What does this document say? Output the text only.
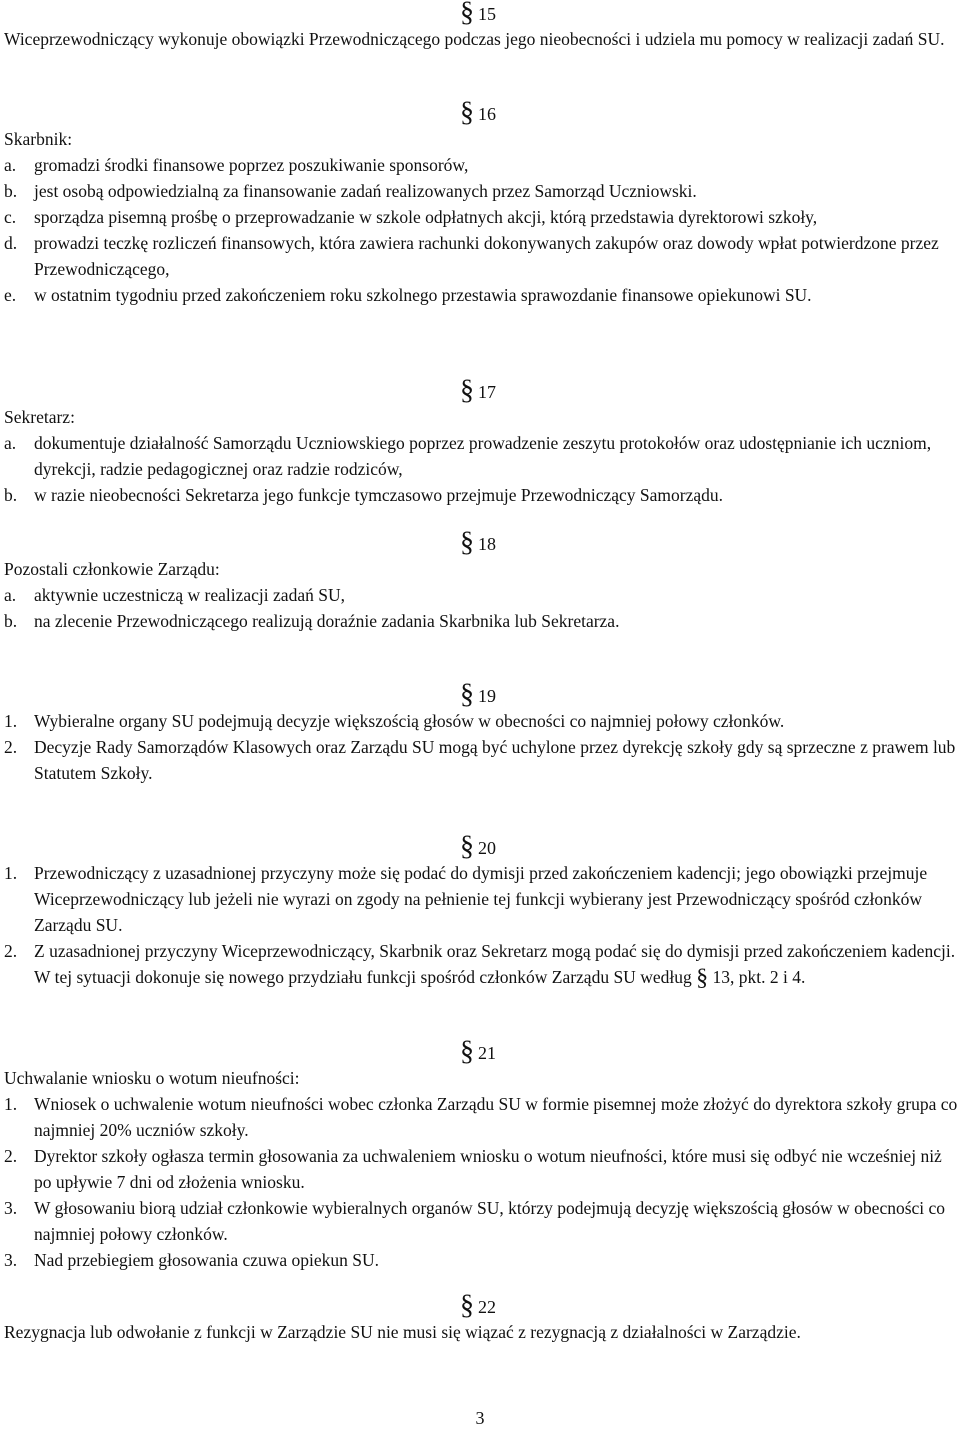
§ 15
Wiceprzewodniczący wykonuje obowiązki Przewodniczącego podczas jego nieobecności i udziela mu pomocy w realizacji zadań SU.
§ 16
Skarbnik:
a. gromadzi środki finansowe poprzez poszukiwanie sponsorów,
b. jest osobą odpowiedzialną za finansowanie zadań realizowanych przez Samorząd Uczniowski.
c. sporządza pisemną prośbę o przeprowadzanie w szkole odpłatnych akcji, którą przedstawia dyrektorowi szkoły,
d. prowadzi teczkę rozliczeń finansowych, która zawiera rachunki dokonywanych zakupów oraz dowody wpłat potwierdzone przez Przewodniczącego,
e. w ostatnim tygodniu przed zakończeniem roku szkolnego przestawia sprawozdanie finansowe opiekunowi SU.
§ 17
Sekretarz:
a. dokumentuje działalność Samorządu Uczniowskiego poprzez prowadzenie zeszytu protokołów oraz udostępnianie ich uczniom, dyrekcji, radzie pedagogicznej oraz radzie rodziców,
b. w razie nieobecności Sekretarza jego funkcje tymczasowo przejmuje Przewodniczący Samorządu.
§ 18
Pozostali członkowie Zarządu:
a. aktywnie uczestniczą w realizacji zadań SU,
b. na zlecenie Przewodniczącego realizują doraźnie zadania Skarbnika lub Sekretarza.
§ 19
1. Wybieralne organy SU podejmują decyzje większością głosów w obecności co najmniej połowy członków.
2. Decyzje Rady Samorządów Klasowych oraz Zarządu SU mogą być uchylone przez dyrekcję szkoły gdy są sprzeczne z prawem lub Statutem Szkoły.
§ 20
1. Przewodniczący z uzasadnionej przyczyny może się podać do dymisji przed zakończeniem kadencji; jego obowiązki przejmuje Wiceprzewodniczący lub jeżeli nie wyrazi on zgody na pełnienie tej funkcji wybierany jest Przewodniczący spośród członków Zarządu SU.
2. Z uzasadnionej przyczyny Wiceprzewodniczący, Skarbnik oraz Sekretarz mogą podać się do dymisji przed zakończeniem kadencji. W tej sytuacji dokonuje się nowego przydziału funkcji spośród członków Zarządu SU według § 13, pkt. 2 i 4.
§ 21
Uchwalanie wniosku o wotum nieufności:
1. Wniosek o uchwalenie wotum nieufności wobec członka Zarządu SU w formie pisemnej może złożyć do dyrektora szkoły grupa co najmniej 20% uczniów szkoły.
2. Dyrektor szkoły ogłasza termin głosowania za uchwaleniem wniosku o wotum nieufności, które musi się odbyć nie wcześniej niż po upływie 7 dni od złożenia wniosku.
3. W głosowaniu biorą udział członkowie wybieralnych organów SU, którzy podejmują decyzję większością głosów w obecności co najmniej połowy członków.
3. Nad przebiegiem głosowania czuwa opiekun SU.
§ 22
Rezygnacja lub odwołanie z funkcji w Zarządzie SU nie musi się wiązać z rezygnacją z działalności w Zarządzie.
3
